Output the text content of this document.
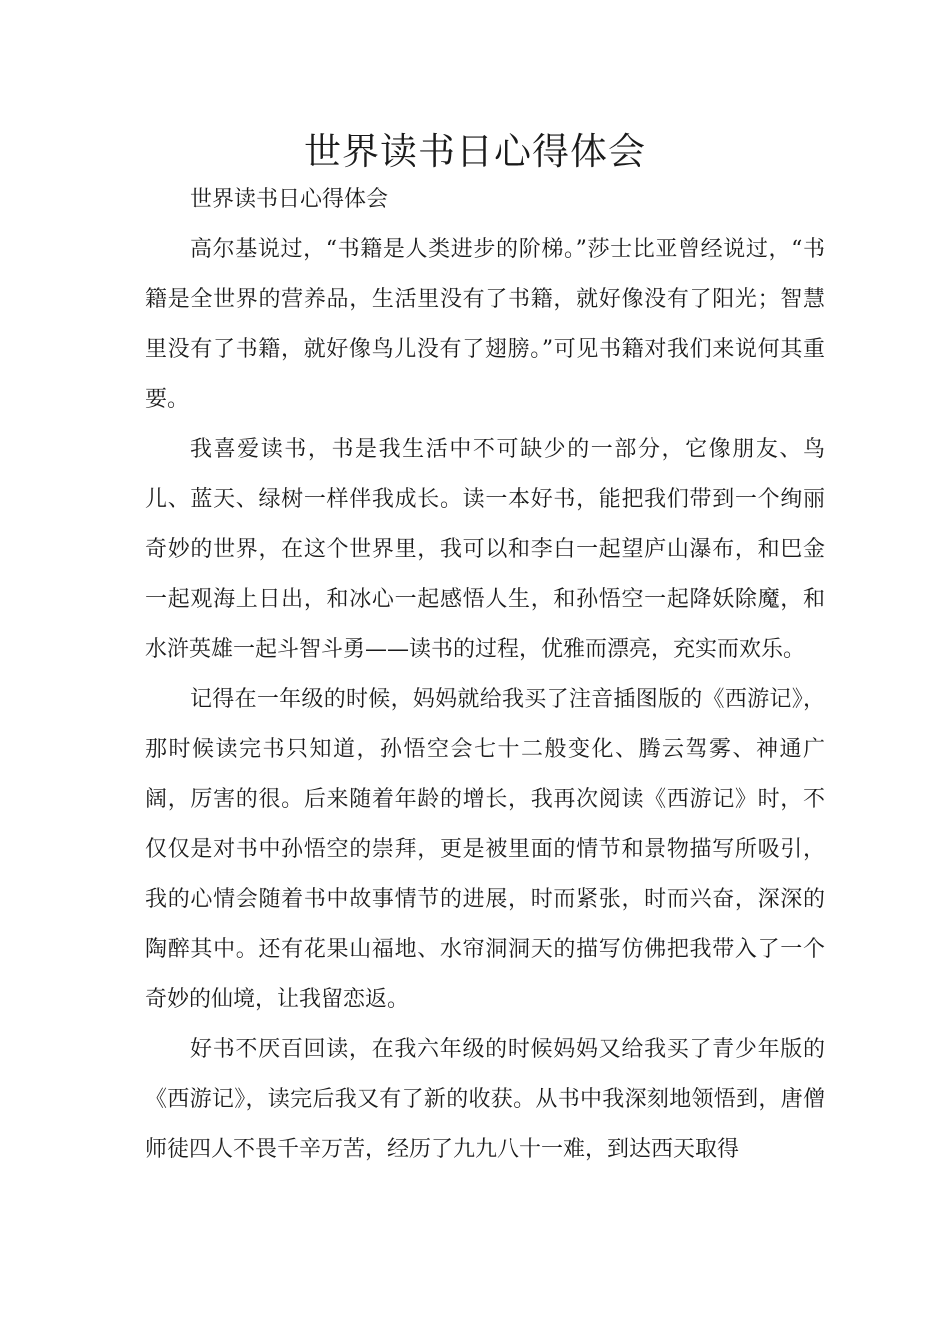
世界读书日心得体会

世界读书日心得体会

高尔基说过，“书籍是人类进步的阶梯。”莎士比亚曾经说过，“书籍是全世界的营养品，生活里没有了书籍，就好像没有了阳光；智慧里没有了书籍，就好像鸟儿没有了翅膀。”可见书籍对我们来说何其重要。

我喜爱读书，书是我生活中不可缺少的一部分，它像朋友、鸟儿、蓝天、绿树一样伴我成长。读一本好书，能把我们带到一个绚丽奇妙的世界，在这个世界里，我可以和李白一起望庐山瀑布，和巴金一起观海上日出，和冰心一起感悟人生，和孙悟空一起降妖除魔，和水浒英雄一起斗智斗勇——读书的过程，优雅而漂亮，充实而欢乐。

记得在一年级的时候，妈妈就给我买了注音插图版的《西游记》，那时候读完书只知道，孙悟空会七十二般变化、腾云驾雾、神通广阔，厉害的很。后来随着年龄的增长，我再次阅读《西游记》时，不仅仅是对书中孙悟空的崇拜，更是被里面的情节和景物描写所吸引，我的心情会随着书中故事情节的进展，时而紧张，时而兴奋，深深的陶醉其中。还有花果山福地、水帘洞洞天的描写仿佛把我带入了一个奇妙的仙境，让我留恋返。

好书不厌百回读，在我六年级的时候妈妈又给我买了青少年版的《西游记》，读完后我又有了新的收获。从书中我深刻地领悟到，唐僧师徒四人不畏千辛万苦，经历了九九八十一难，到达西天取得
